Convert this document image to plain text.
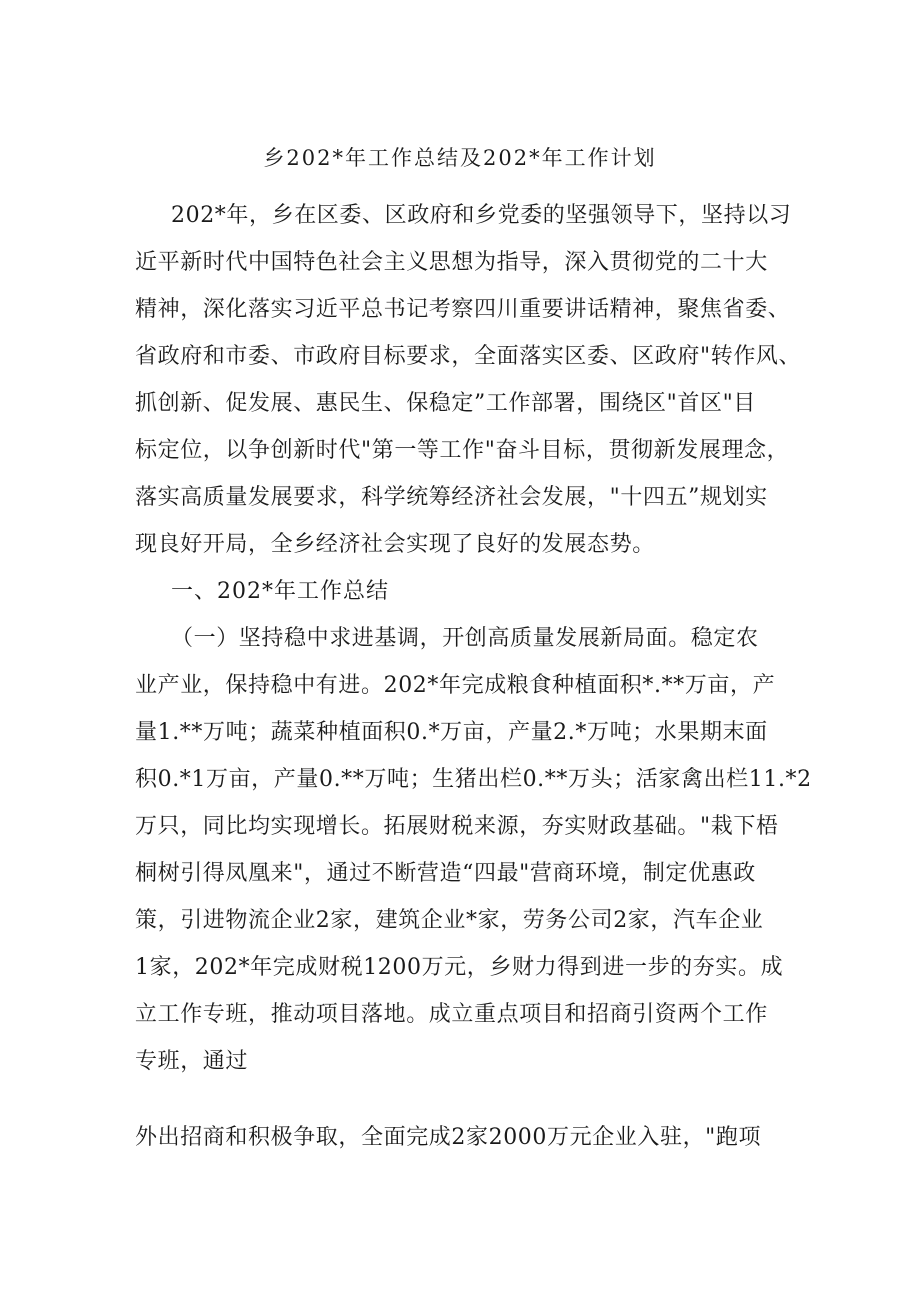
乡202*年工作总结及202*年工作计划
202*年，乡在区委、区政府和乡党委的坚强领导下，坚持以习
近平新时代中国特色社会主义思想为指导，深入贯彻党的二十大
精神，深化落实习近平总书记考察四川重要讲话精神，聚焦省委、
省政府和市委、市政府目标要求，全面落实区委、区政府"转作风、
抓创新、促发展、惠民生、保稳定”工作部署，围绕区"首区"目
标定位，以争创新时代"第一等工作"奋斗目标，贯彻新发展理念，
落实高质量发展要求，科学统筹经济社会发展，"十四五”规划实
现良好开局，全乡经济社会实现了良好的发展态势。
一、202*年工作总结
（一）坚持稳中求进基调，开创高质量发展新局面。稳定农
业产业，保持稳中有进。202*年完成粮食种植面积*.**万亩，产
量1.**万吨；蔬菜种植面积0.*万亩，产量2.*万吨；水果期末面
积0.*1万亩，产量0.**万吨；生猪出栏0.**万头；活家禽出栏11.*2
万只，同比均实现增长。拓展财税来源，夯实财政基础。"栽下梧
桐树引得凤凰来"，通过不断营造“四最"营商环境，制定优惠政
策，引进物流企业2家，建筑企业*家，劳务公司2家，汽车企业
1家，202*年完成财税1200万元，乡财力得到进一步的夯实。成
立工作专班，推动项目落地。成立重点项目和招商引资两个工作
专班，通过
外出招商和积极争取，全面完成2家2000万元企业入驻，"跑项
